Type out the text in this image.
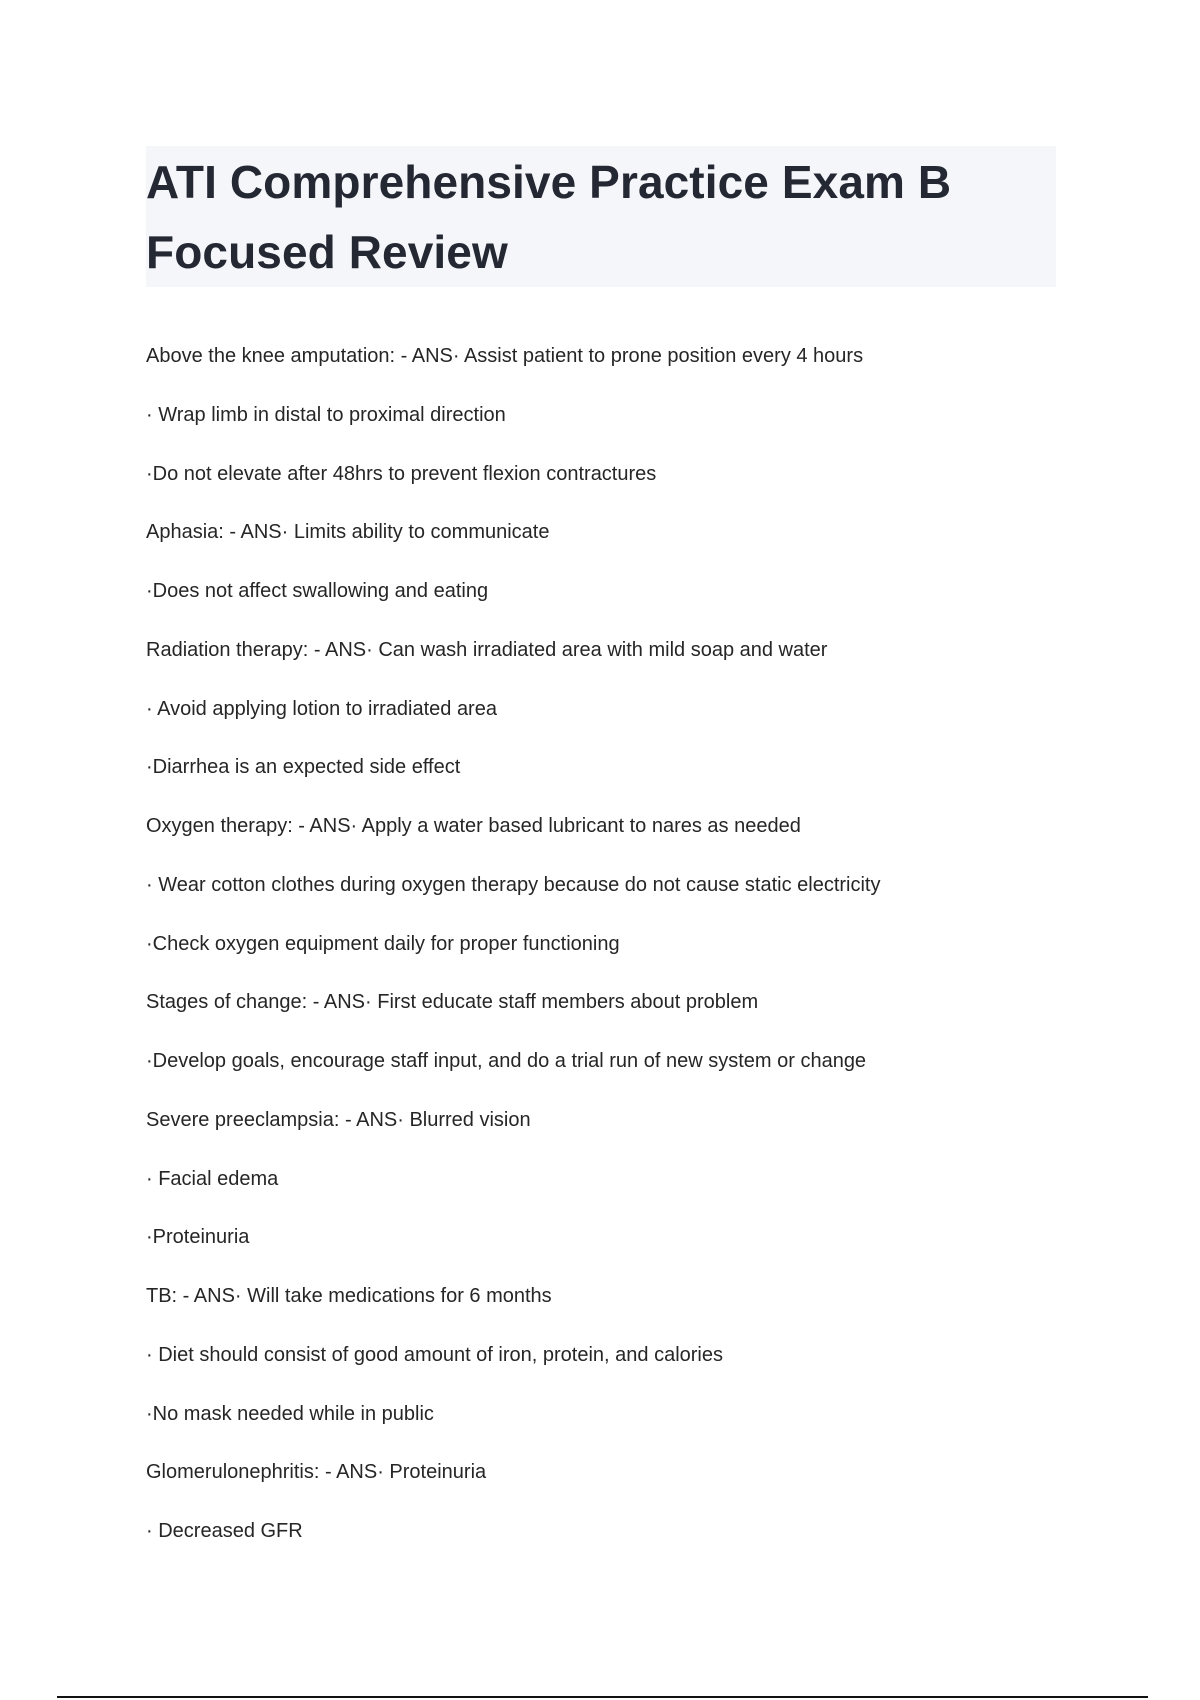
ATI Comprehensive Practice Exam B
Focused Review

Above the knee amputation: - ANS· Assist patient to prone position every 4 hours

· Wrap limb in distal to proximal direction

·Do not elevate after 48hrs to prevent flexion contractures

Aphasia: - ANS· Limits ability to communicate

·Does not affect swallowing and eating

Radiation therapy: - ANS· Can wash irradiated area with mild soap and water

· Avoid applying lotion to irradiated area

·Diarrhea is an expected side effect

Oxygen therapy: - ANS· Apply a water based lubricant to nares as needed

· Wear cotton clothes during oxygen therapy because do not cause static electricity

·Check oxygen equipment daily for proper functioning

Stages of change: - ANS· First educate staff members about problem

·Develop goals, encourage staff input, and do a trial run of new system or change

Severe preeclampsia: - ANS· Blurred vision

· Facial edema

·Proteinuria

TB: - ANS· Will take medications for 6 months

· Diet should consist of good amount of iron, protein, and calories

·No mask needed while in public

Glomerulonephritis: - ANS· Proteinuria

· Decreased GFR
